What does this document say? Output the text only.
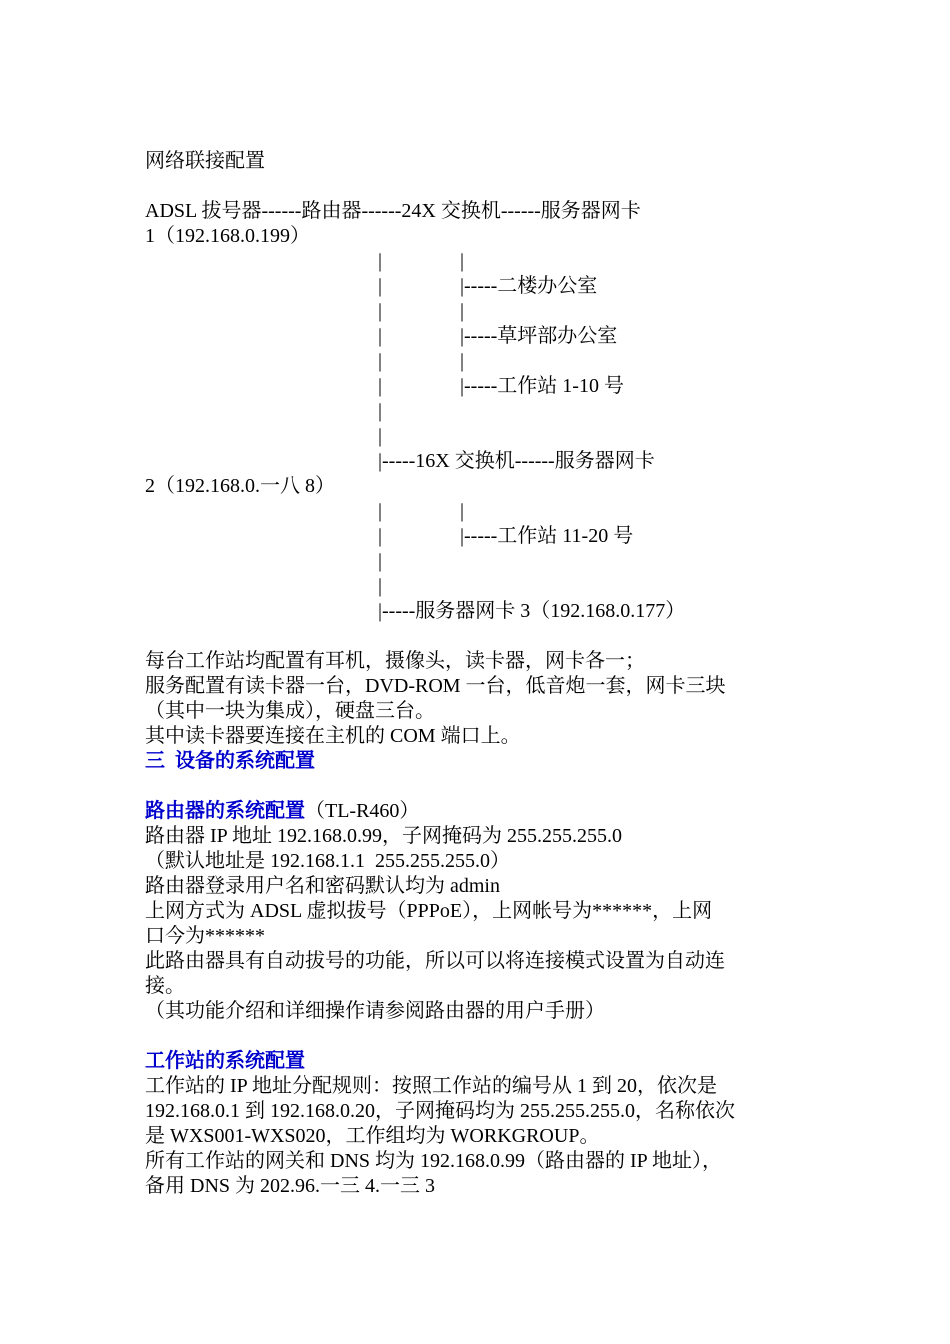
网络联接配置
ADSL 拔号器------路由器------24X 交换机------服务器网卡
1（192.168.0.199）
|	|
|	|-----二楼办公室
|	|
|	|-----草坪部办公室
|	|
|	|-----工作站 1-10 号
|
|
|-----16X 交换机------服务器网卡
2（192.168.0.一八 8）
|	|
|	|-----工作站 11-20 号
|
|
|-----服务器网卡 3（192.168.0.177）
每台工作站均配置有耳机，摄像头，读卡器，网卡各一；
服务配置有读卡器一台，DVD-ROM 一台，低音炮一套，网卡三块
（其中一块为集成），硬盘三台。
其中读卡器要连接在主机的 COM 端口上。
三  设备的系统配置
路由器的系统配置（TL-R460）
路由器 IP 地址 192.168.0.99，子网掩码为 255.255.255.0
（默认地址是 192.168.1.1  255.255.255.0）
路由器登录用户名和密码默认均为 admin
上网方式为 ADSL 虚拟拔号（PPPoE），上网帐号为******，上网
口今为******
此路由器具有自动拔号的功能，所以可以将连接模式设置为自动连
接。
（其功能介绍和详细操作请参阅路由器的用户手册）
工作站的系统配置
工作站的 IP 地址分配规则：按照工作站的编号从 1 到 20，依次是
192.168.0.1 到 192.168.0.20，子网掩码均为 255.255.255.0，名称依次
是 WXS001-WXS020，工作组均为 WORKGROUP。
所有工作站的网关和 DNS 均为 192.168.0.99（路由器的 IP 地址），
备用 DNS 为 202.96.一三 4.一三 3
